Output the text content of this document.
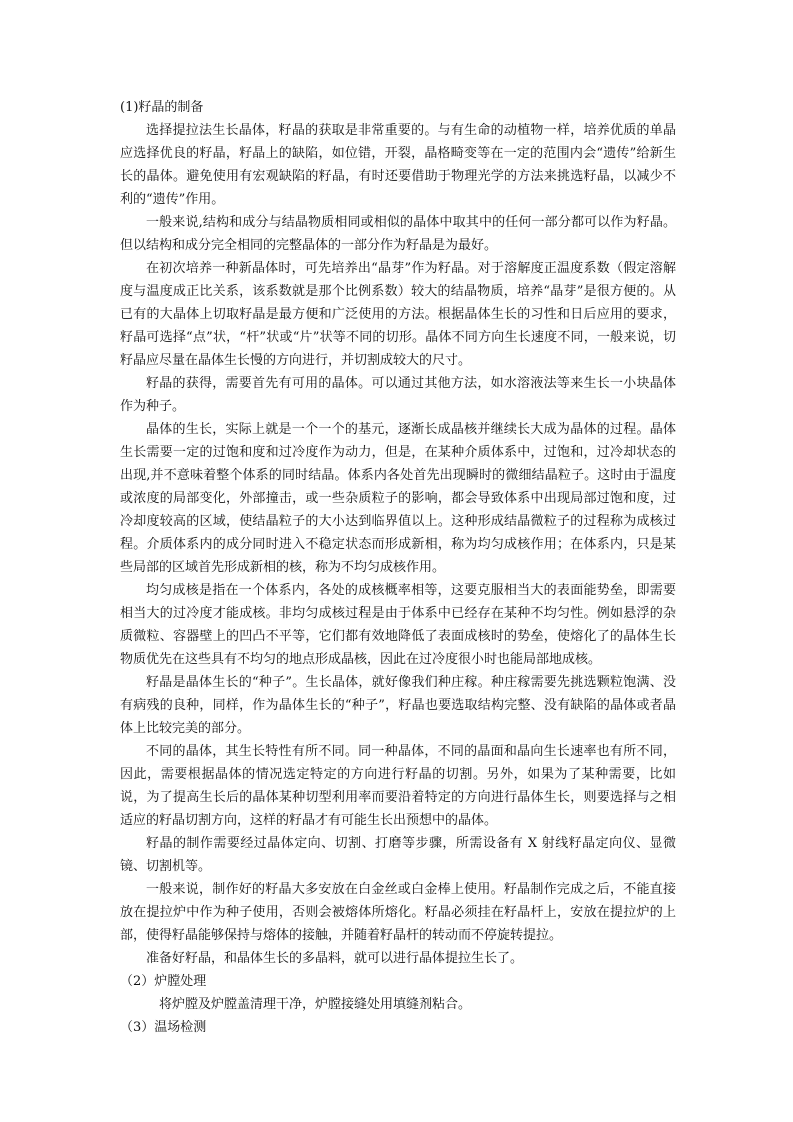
(1)籽晶的制备

选择提拉法生长晶体，籽晶的获取是非常重要的。与有生命的动植物一样，培养优质的单晶应选择优良的籽晶，籽晶上的缺陷，如位错，开裂，晶格畸变等在一定的范围内会“遗传”给新生长的晶体。避免使用有宏观缺陷的籽晶，有时还要借助于物理光学的方法来挑选籽晶，以减少不利的“遗传”作用。

一般来说,结构和成分与结晶物质相同或相似的晶体中取其中的任何一部分都可以作为籽晶。但以结构和成分完全相同的完整晶体的一部分作为籽晶是为最好。

在初次培养一种新晶体时，可先培养出“晶芽”作为籽晶。对于溶解度正温度系数（假定溶解度与温度成正比关系，该系数就是那个比例系数）较大的结晶物质，培养“晶芽”是很方便的。从已有的大晶体上切取籽晶是最方便和广泛使用的方法。根据晶体生长的习性和日后应用的要求，籽晶可选择“点”状，“杆”状或“片”状等不同的切形。晶体不同方向生长速度不同，一般来说，切籽晶应尽量在晶体生长慢的方向进行，并切割成较大的尺寸。

籽晶的获得，需要首先有可用的晶体。可以通过其他方法，如水溶液法等来生长一小块晶体作为种子。

晶体的生长，实际上就是一个一个的基元，逐渐长成晶核并继续长大成为晶体的过程。晶体生长需要一定的过饱和度和过冷度作为动力，但是，在某种介质体系中，过饱和，过冷却状态的出现,并不意味着整个体系的同时结晶。体系内各处首先出现瞬时的微细结晶粒子。这时由于温度或浓度的局部变化，外部撞击，或一些杂质粒子的影响，都会导致体系中出现局部过饱和度，过冷却度较高的区域，使结晶粒子的大小达到临界值以上。这种形成结晶微粒子的过程称为成核过程。介质体系内的成分同时进入不稳定状态而形成新相，称为均匀成核作用；在体系内，只是某些局部的区域首先形成新相的核，称为不均匀成核作用。

均匀成核是指在一个体系内，各处的成核概率相等，这要克服相当大的表面能势垒，即需要相当大的过冷度才能成核。非均匀成核过程是由于体系中已经存在某种不均匀性。例如悬浮的杂质微粒、容器壁上的凹凸不平等，它们都有效地降低了表面成核时的势垒，使熔化了的晶体生长物质优先在这些具有不均匀的地点形成晶核，因此在过冷度很小时也能局部地成核。

籽晶是晶体生长的“种子”。生长晶体，就好像我们种庄稼。种庄稼需要先挑选颗粒饱满、没有病残的良种，同样，作为晶体生长的“种子”，籽晶也要选取结构完整、没有缺陷的晶体或者晶体上比较完美的部分。

不同的晶体，其生长特性有所不同。同一种晶体，不同的晶面和晶向生长速率也有所不同，因此，需要根据晶体的情况选定特定的方向进行籽晶的切割。另外，如果为了某种需要，比如说，为了提高生长后的晶体某种切型利用率而要沿着特定的方向进行晶体生长，则要选择与之相适应的籽晶切割方向，这样的籽晶才有可能生长出预想中的晶体。

籽晶的制作需要经过晶体定向、切割、打磨等步骤，所需设备有 X 射线籽晶定向仪、显微镜、切割机等。

一般来说，制作好的籽晶大多安放在白金丝或白金棒上使用。籽晶制作完成之后，不能直接放在提拉炉中作为种子使用，否则会被熔体所熔化。籽晶必须挂在籽晶杆上，安放在提拉炉的上部，使得籽晶能够保持与熔体的接触，并随着籽晶杆的转动而不停旋转提拉。

准备好籽晶，和晶体生长的多晶料，就可以进行晶体提拉生长了。

（2）炉膛处理

将炉膛及炉膛盖清理干净，炉膛接缝处用填缝剂粘合。

（3）温场检测
